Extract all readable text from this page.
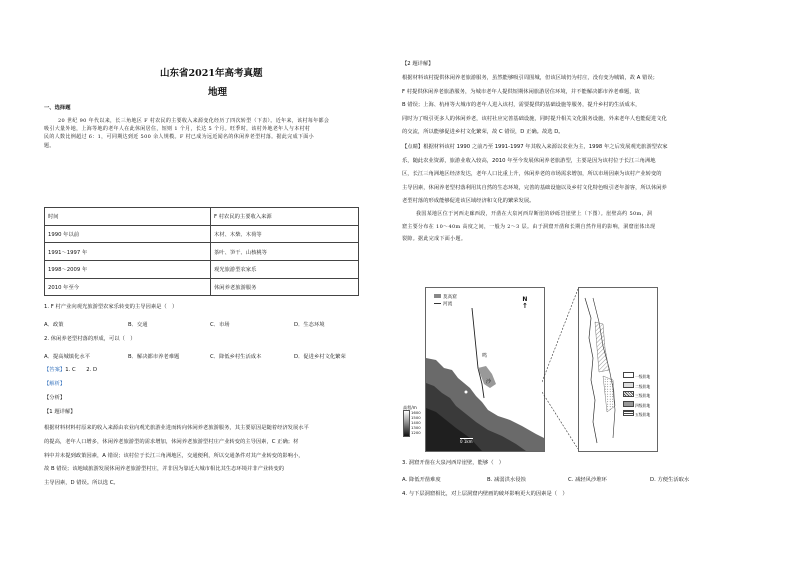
山东省2021年高考真题
地理
一、选择题
20 世纪 90 年代以来，长三角地区 F 村农民的主要收入来源变化经历了四次转型（下表）。近年来，该村每年都会
吸引大量外地，上海等地的老年人在此休闲居住，短则 1 个月，长达 5 个月。旺季时，该村外地老年人与本村村
民的人数比例超过 6：1，可同期达到近 500 余人规模。F 村已成为远近闻名的休闲养老型村落。据此完成下面小
题。
时间	F 村农民的主要收入来源
1990 年以前	木材、木柴、木荷等
1991～1997 年	茶叶、笋干、山核桃等
1998～2009 年	观光旅游型农家乐
2010 年至今	休闲养老旅游服务
1. F 村产业向观光旅游型农家乐转变的主导因素是（　）
A．政策	B．交通	C．市场	D．生态环境
2. 休闲养老型村落的形成，可以（　）
A．提高城镇化水平	B．解决都市养老难题	C．降低乡村生活成本	D．促进乡村文化繁荣
【答案】1. C　　2. D
【解析】
【分析】
【1 题详解】
根据材料材料村原来的收入来源由农业向观光旅游业进而转向休闲养老旅游服务，其主要原因是随着经济发展水平
的提高，老年人口增多，休闲养老旅游型的需求增加，休闲养老旅游型村庄产业转变的主导因素，C 正确；材
料中并未提到政策因素，A 错误；该村位于长江三角洲地区，交通便利，所以交通条件对其产业转变的影响小，
故 B 错误；该地域旅游发展休闲养老旅游型村庄，并非因为靠近大城市相比其生态环境并非产业转变的
主导因素，D 错误。所以选 C。
【2 题详解】
根据材料该村提供休闲养老旅游服务，虽然能够吸引周围城，但该区域仍为村庄，没有变为城镇，故 A 错误；
F 村提供休闲养老旅游服务，为城市老年人提供短期休闲旅游居住环境，并不能解决都市养老难题，故
B 错误；上海、杭州等大城市的老年人进入该村，需要提供的基础设施等服务，提升乡村的生活成本，
同时为了吸引更多人的休闲养老，该村社应完善基础设施，同时提升相关文化服务设施，外来老年人也能促进文化
的交流，所以能够促进乡村文化繁荣，故 C 错误，D 正确。故选 D。
【点睛】根据材料该村 1990 之前乃至 1991-1997 年其收入来源以农业为主，1998 年之后发展观光旅游型农家
乐，随此农业资源，旅游业收入较高，2010 年至今发展休闲养老旅游型，主要是因为该村位于长江三角洲地
区，长江三角洲地区经济发达，老年人口比重上升，休闲养老的市场需求增加，所以市场因素为该村产业转变的
主导因素，休闲养老型村落利用其自然的生态环境，完善的基础设施以及乡村文化特色吸引老年游客，所以休闲养
老型村落的形成能够促进该区域经济和文化的繁荣发展。
我国某地区位于河西走廊西段，开凿在大泉河西岸断崖的砂砾岩崖壁上（下图）。崖壁高约 50m，洞
窟主要分布在 10～40m 高度之间，一般为 2～3 层。由于洞窟开凿和长期自然作用的影响，洞窟崖体出现
裂隙。据此完成下面小题。
莫高窟
河流
N
↑
鸣
沙
0 1km
高程/m
1600
1500
1400
1300
1200
一级阶地
二级阶地
三级阶地
四级阶地
五级阶地
3. 洞窟开凿在大泉河西岸崖壁，能够（　）
A. 降低开凿难度	B. 减弱洪水侵蚀	C. 减轻风沙堆环	D. 方便生活取水
4. 与下层洞窟相比，对上层洞窟内壁画的破坏影响更大的因素是（　）
